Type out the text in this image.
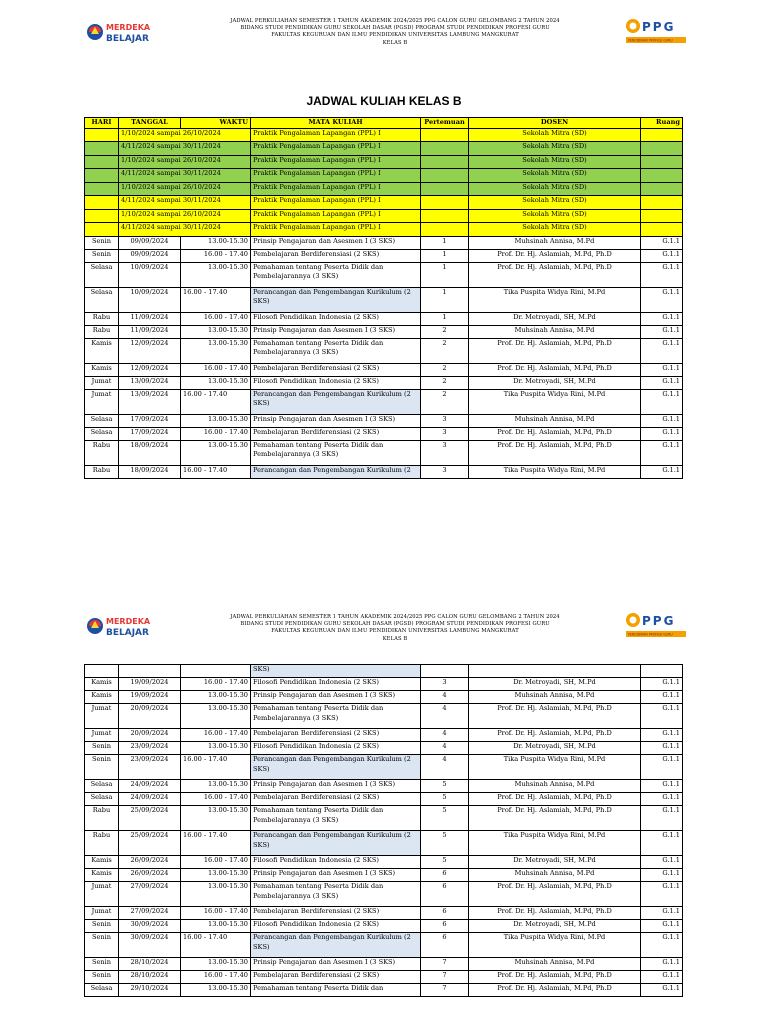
MERDEKA
BELAJAR
JADWAL PERKULIAHAN SEMESTER 1 TAHUN AKADEMIK 2024/2025 PPG CALON GURU GELOMBANG 2 TAHUN 2024
BIDANG STUDI PENDIDIKAN GURU SEKOLAH DASAR (PGSD) PROGRAM STUDI PENDIDIKAN PROFESI GURU
FAKULTAS KEGURUAN DAN ILMU PENDIDIKAN UNIVERSITAS LAMBUNG MANGKURAT
KELAS B
PPG
PENDIDIKAN PROFESI GURU
JADWAL KULIAH KELAS B
HARI	TANGGAL	WAKTU	MATA KULIAH	Pertemuan	DOSEN	Ruang
	1/10/2024 sampai 26/10/2024		Praktik Pengalaman Lapangan (PPL) I		Sekolah Mitra (SD)	
	4/11/2024 sampai 30/11/2024		Praktik Pengalaman Lapangan (PPL) I		Sekolah Mitra (SD)	
	1/10/2024 sampai 26/10/2024		Praktik Pengalaman Lapangan (PPL) I		Sekolah Mitra (SD)	
	4/11/2024 sampai 30/11/2024		Praktik Pengalaman Lapangan (PPL) I		Sekolah Mitra (SD)	
	1/10/2024 sampai 26/10/2024		Praktik Pengalaman Lapangan (PPL) I		Sekolah Mitra (SD)	
	4/11/2024 sampai 30/11/2024		Praktik Pengalaman Lapangan (PPL) I		Sekolah Mitra (SD)	
	1/10/2024 sampai 26/10/2024		Praktik Pengalaman Lapangan (PPL) I		Sekolah Mitra (SD)	
	4/11/2024 sampai 30/11/2024		Praktik Pengalaman Lapangan (PPL) I		Sekolah Mitra (SD)	
Senin	09/09/2024	13.00-15.30	Prinsip Pengajaran dan Asesmen I (3 SKS)	1	Muhsinah Annisa, M.Pd	G.1.1
Senin	09/09/2024	16.00 - 17.40	Pembelajaran Berdiferensiasi (2 SKS)	1	Prof. Dr. Hj. Aslamiah, M.Pd, Ph.D	G.1.1
Selasa	10/09/2024	13.00-15.30	Pemahaman tentang Peserta Didik dan Pembelajarannya (3 SKS)	1	Prof. Dr. Hj. Aslamiah, M.Pd, Ph.D	G.1.1
Selasa	10/09/2024	16.00 - 17.40	Perancangan dan Pengembangan Kurikulum (2 SKS)	1	Tika Puspita Widya Rini, M.Pd	G.1.1
Rabu	11/09/2024	16.00 - 17.40	Filosofi Pendidikan Indonesia (2 SKS)	1	Dr. Metroyadi, SH, M.Pd	G.1.1
Rabu	11/09/2024	13.00-15.30	Prinsip Pengajaran dan Asesmen I (3 SKS)	2	Muhsinah Annisa, M.Pd	G.1.1
Kamis	12/09/2024	13.00-15.30	Pemahaman tentang Peserta Didik dan Pembelajarannya (3 SKS)	2	Prof. Dr. Hj. Aslamiah, M.Pd, Ph.D	G.1.1
Kamis	12/09/2024	16.00 - 17.40	Pembelajaran Berdiferensiasi (2 SKS)	2	Prof. Dr. Hj. Aslamiah, M.Pd, Ph.D	G.1.1
Jumat	13/09/2024	13.00-15.30	Filosofi Pendidikan Indonesia (2 SKS)	2	Dr. Metroyadi, SH, M.Pd	G.1.1
Jumat	13/09/2024	16.00 - 17.40	Perancangan dan Pengembangan Kurikulum (2 SKS)	2	Tika Puspita Widya Rini, M.Pd	G.1.1
Selasa	17/09/2024	13.00-15.30	Prinsip Pengajaran dan Asesmen I (3 SKS)	3	Muhsinah Annisa, M.Pd	G.1.1
Selasa	17/09/2024	16.00 - 17.40	Pembelajaran Berdiferensiasi (2 SKS)	3	Prof. Dr. Hj. Aslamiah, M.Pd, Ph.D	G.1.1
Rabu	18/09/2024	13.00-15.30	Pemahaman tentang Peserta Didik dan Pembelajarannya (3 SKS)	3	Prof. Dr. Hj. Aslamiah, M.Pd, Ph.D	G.1.1
Rabu	18/09/2024	16.00 - 17.40	Perancangan dan Pengembangan Kurikulum (2	3	Tika Puspita Widya Rini, M.Pd	G.1.1
MERDEKA
BELAJAR
JADWAL PERKULIAHAN SEMESTER 1 TAHUN AKADEMIK 2024/2025 PPG CALON GURU GELOMBANG 2 TAHUN 2024
BIDANG STUDI PENDIDIKAN GURU SEKOLAH DASAR (PGSD) PROGRAM STUDI PENDIDIKAN PROFESI GURU
FAKULTAS KEGURUAN DAN ILMU PENDIDIKAN UNIVERSITAS LAMBUNG MANGKURAT
KELAS B
PPG
PENDIDIKAN PROFESI GURU
			SKS)			
Kamis	19/09/2024	16.00 - 17.40	Filosofi Pendidikan Indonesia (2 SKS)	3	Dr. Metroyadi, SH, M.Pd	G.1.1
Kamis	19/09/2024	13.00-15.30	Prinsip Pengajaran dan Asesmen I (3 SKS)	4	Muhsinah Annisa, M.Pd	G.1.1
Jumat	20/09/2024	13.00-15.30	Pemahaman tentang Peserta Didik dan Pembelajarannya (3 SKS)	4	Prof. Dr. Hj. Aslamiah, M.Pd, Ph.D	G.1.1
Jumat	20/09/2024	16.00 - 17.40	Pembelajaran Berdiferensiasi (2 SKS)	4	Prof. Dr. Hj. Aslamiah, M.Pd, Ph.D	G.1.1
Senin	23/09/2024	13.00-15.30	Filosofi Pendidikan Indonesia (2 SKS)	4	Dr. Metroyadi, SH, M.Pd	G.1.1
Senin	23/09/2024	16.00 - 17.40	Perancangan dan Pengembangan Kurikulum (2 SKS)	4	Tika Puspita Widya Rini, M.Pd	G.1.1
Selasa	24/09/2024	13.00-15.30	Prinsip Pengajaran dan Asesmen I (3 SKS)	5	Muhsinah Annisa, M.Pd	G.1.1
Selasa	24/09/2024	16.00 - 17.40	Pembelajaran Berdiferensiasi (2 SKS)	5	Prof. Dr. Hj. Aslamiah, M.Pd, Ph.D	G.1.1
Rabu	25/09/2024	13.00-15.30	Pemahaman tentang Peserta Didik dan Pembelajarannya (3 SKS)	5	Prof. Dr. Hj. Aslamiah, M.Pd, Ph.D	G.1.1
Rabu	25/09/2024	16.00 - 17.40	Perancangan dan Pengembangan Kurikulum (2 SKS)	5	Tika Puspita Widya Rini, M.Pd	G.1.1
Kamis	26/09/2024	16.00 - 17.40	Filosofi Pendidikan Indonesia (2 SKS)	5	Dr. Metroyadi, SH, M.Pd	G.1.1
Kamis	26/09/2024	13.00-15.30	Prinsip Pengajaran dan Asesmen I (3 SKS)	6	Muhsinah Annisa, M.Pd	G.1.1
Jumat	27/09/2024	13.00-15.30	Pemahaman tentang Peserta Didik dan Pembelajarannya (3 SKS)	6	Prof. Dr. Hj. Aslamiah, M.Pd, Ph.D	G.1.1
Jumat	27/09/2024	16.00 - 17.40	Pembelajaran Berdiferensiasi (2 SKS)	6	Prof. Dr. Hj. Aslamiah, M.Pd, Ph.D	G.1.1
Senin	30/09/2024	13.00-15.30	Filosofi Pendidikan Indonesia (2 SKS)	6	Dr. Metroyadi, SH, M.Pd	G.1.1
Senin	30/09/2024	16.00 - 17.40	Perancangan dan Pengembangan Kurikulum (2 SKS)	6	Tika Puspita Widya Rini, M.Pd	G.1.1
Senin	28/10/2024	13.00-15.30	Prinsip Pengajaran dan Asesmen I (3 SKS)	7	Muhsinah Annisa, M.Pd	G.1.1
Senin	28/10/2024	16.00 - 17.40	Pembelajaran Berdiferensiasi (2 SKS)	7	Prof. Dr. Hj. Aslamiah, M.Pd, Ph.D	G.1.1
Selasa	29/10/2024	13.00-15.30	Pemahaman tentang Peserta Didik dan	7	Prof. Dr. Hj. Aslamiah, M.Pd, Ph.D	G.1.1
